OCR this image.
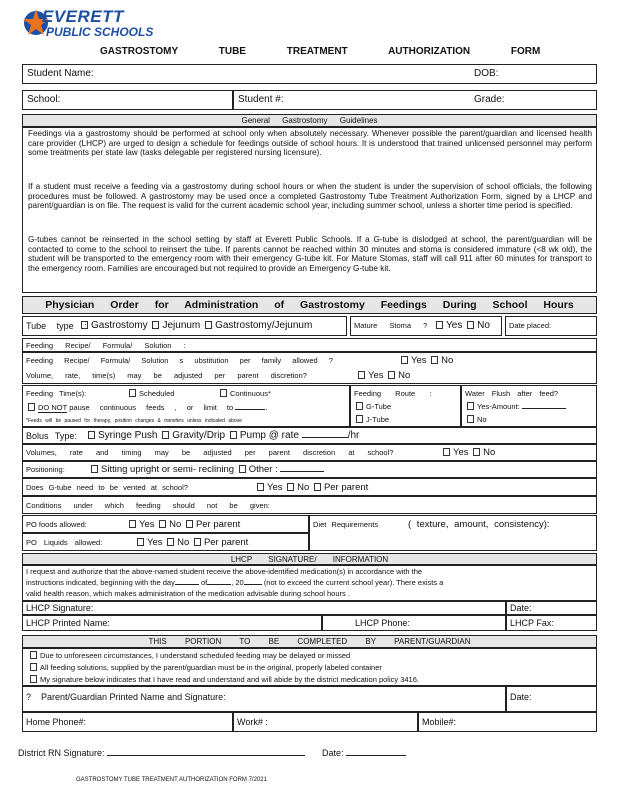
EVERETT
PUBLIC SCHOOLS
GASTROSTOMY TUBE TREATMENT AUTHORIZATION FORM
Student Name:	DOB:
School:	Student #:	Grade:
General Gastrostomy Guidelines
Feedings via a gastrostomy should be performed at school only when absolutely necessary. Whenever possible the parent/guardian and licensed health care provider (LHCP) are urged to design a schedule for feedings outside of school hours. It is understood that trained unlicensed personnel may perform some treatments per state law (tasks delegable per registered nursing licensure).
If a student must receive a feeding via a gastrostomy during school hours or when the student is under the supervision of school officials, the following procedures must be followed. A gastrostomy may be used once a completed Gastrostomy Tube Treatment Authorization Form, signed by a LHCP and parent/guardian is on file. The request is valid for the current academic school year, including summer school, unless a shorter time period is specified.
G-tubes cannot be reinserted in the school setting by staff at Everett Public Schools. If a G-tube is dislodged at school, the parent/guardian will be contacted to come to the school to reinsert the tube. If parents cannot be reached within 30 minutes and stoma is considered immature (<8 wk old), the student will be transported to the emergency room with their emergency G-tube kit. For Mature Stomas, staff will call 911 after 60 minutes for transport to the emergency room. Families are encouraged but not required to provide an Emergency G-tube kit.
Physician Order for Administration of Gastrostomy Feedings During School Hours
Tube type : Gastrostomy Jejunum Gastrostomy/Jejunum	Mature Stoma ?	Yes No	Date placed:
Feeding Recipe/ Formula/ Solution :
Feeding Recipe/ Formula/ Solution s ubstitution per family allowed ?	Yes No
Volume, rate, time(s) may be adjusted per parent discretion?	Yes No
Feeding Time(s):	Scheduled	Continuous*
DO NOT pause continuous feeds , or limit to	.
*Feeds will be paused for therapy, position changes & transfers unless indicated above
Feeding Route :
G-Tube
J-Tube
Water Flush after feed?
Yes-Amount:
No
Bolus Type:	Syringe Push Gravity/Drip Pump @ rate	/hr
Volumes, rate and timing may be adjusted per parent discretion at school?	Yes No
Positioning:	Sitting upright or semi- reclining Other :
Does G-tube need to be vented at school?	Yes No Per parent
Conditions under which feeding should not be given:
PO foods allowed:	Yes No Per parent
PO Liquids allowed:	Yes No Per parent
Diet Requirements	( texture, amount, consistency):
LHCP SIGNATURE/ INFORMATION
I request and authorize that the above-named student receive the above-identified medication(s) in accordance with the
instructions indicated, beginning with the day	of	, 20	(not to exceed the current school year). There exists a
valid health reason, which makes administration of the medication advisable during school hours .
LHCP Signature:	Date:
LHCP Printed Name:	LHCP Phone:	LHCP Fax:
THIS PORTION TO BE COMPLETED BY PARENT/GUARDIAN
Due to unforeseen circumstances, I understand scheduled feeding may be delayed or missed
All feeding solutions, supplied by the parent/guardian must be in the original, properly labeled container
My signature below indicates that I have read and understand and will abide by the district medication policy 3416.
? Parent/Guardian Printed Name and Signature:	Date:
Home Phone#:	Work# :	Mobile#:
District RN Signature:	Date:
GASTROSTOMY TUBE TREATMENT AUTHORIZATION FORM 7/2021
